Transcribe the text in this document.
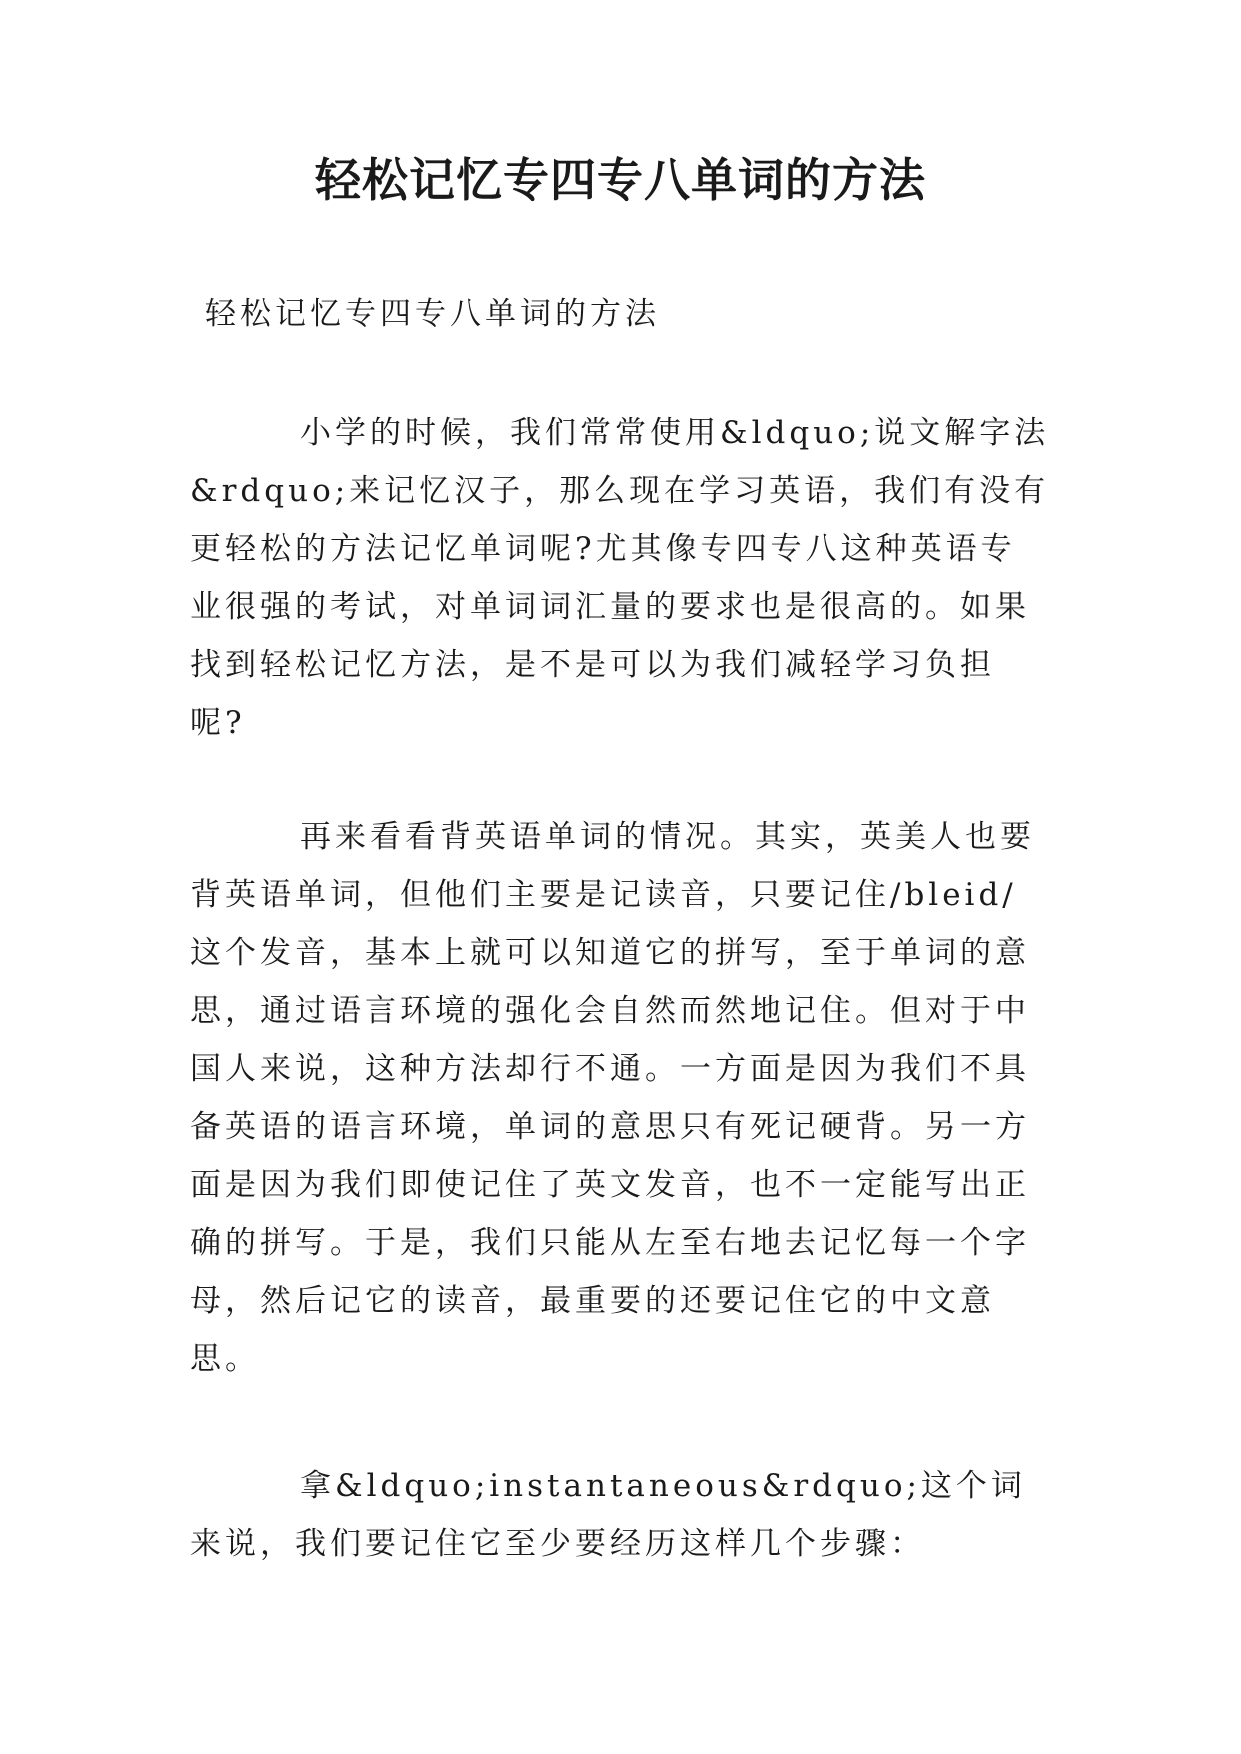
轻松记忆专四专八单词的方法

轻松记忆专四专八单词的方法

小学的时候，我们常常使用&ldquo;说文解字法&rdquo;来记忆汉子，那么现在学习英语，我们有没有更轻松的方法记忆单词呢?尤其像专四专八这种英语专业很强的考试，对单词词汇量的要求也是很高的。如果找到轻松记忆方法，是不是可以为我们减轻学习负担呢?

再来看看背英语单词的情况。其实，英美人也要背英语单词，但他们主要是记读音，只要记住/bleid/这个发音，基本上就可以知道它的拼写，至于单词的意思，通过语言环境的强化会自然而然地记住。但对于中国人来说，这种方法却行不通。一方面是因为我们不具备英语的语言环境，单词的意思只有死记硬背。另一方面是因为我们即使记住了英文发音，也不一定能写出正确的拼写。于是，我们只能从左至右地去记忆每一个字母，然后记它的读音，最重要的还要记住它的中文意思。

拿&ldquo;instantaneous&rdquo;这个词来说，我们要记住它至少要经历这样几个步骤：
